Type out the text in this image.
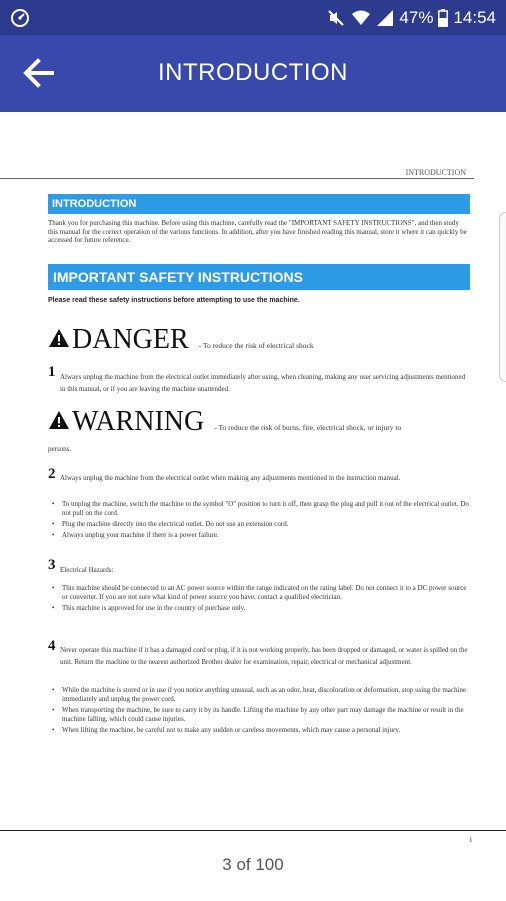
47% 14:54
INTRODUCTION
INTRODUCTION
INTRODUCTION
Thank you for purchasing this machine. Before using this machine, carefully read the "IMPORTANT SAFETY INSTRUCTIONS", and then study this manual for the correct operation of the various functions. In addition, after you have finished reading this manual, store it where it can quickly be accessed for future reference.
IMPORTANT SAFETY INSTRUCTIONS
Please read these safety instructions before attempting to use the machine.
DANGER - To reduce the risk of electrical shock
1 Always unplug the machine from the electrical outlet immediately after using, when cleaning, making any user servicing adjustments mentioned in this manual, or if you are leaving the machine unattended.
WARNING - To reduce the risk of burns, fire, electrical shock, or injury to
persons.
2 Always unplug the machine from the electrical outlet when making any adjustments mentioned in the instruction manual.
• To unplug the machine, switch the machine to the symbol "O" position to turn it off, then grasp the plug and pull it out of the electrical outlet. Do not pull on the cord.
• Plug the machine directly into the electrical outlet. Do not use an extension cord.
• Always unplug your machine if there is a power failure.
3 Electrical Hazards:
• This machine should be connected to an AC power source within the range indicated on the rating label. Do not connect it to a DC power source or converter. If you are not sure what kind of power source you have, contact a qualified electrician.
• This machine is approved for use in the country of purchase only.
4 Never operate this machine if it has a damaged cord or plug, if it is not working properly, has been dropped or damaged, or water is spilled on the unit. Return the machine to the nearest authorized Brother dealer for examination, repair, electrical or mechanical adjustment.
• While the machine is stored or in use if you notice anything unusual, such as an odor, heat, discoloration or deformation, stop using the machine immediately and unplug the power cord.
• When transporting the machine, be sure to carry it by its handle. Lifting the machine by any other part may damage the machine or result in the machine falling, which could cause injuries.
• When lifting the machine, be careful not to make any sudden or careless movements, which may cause a personal injury.
i
3 of 100
